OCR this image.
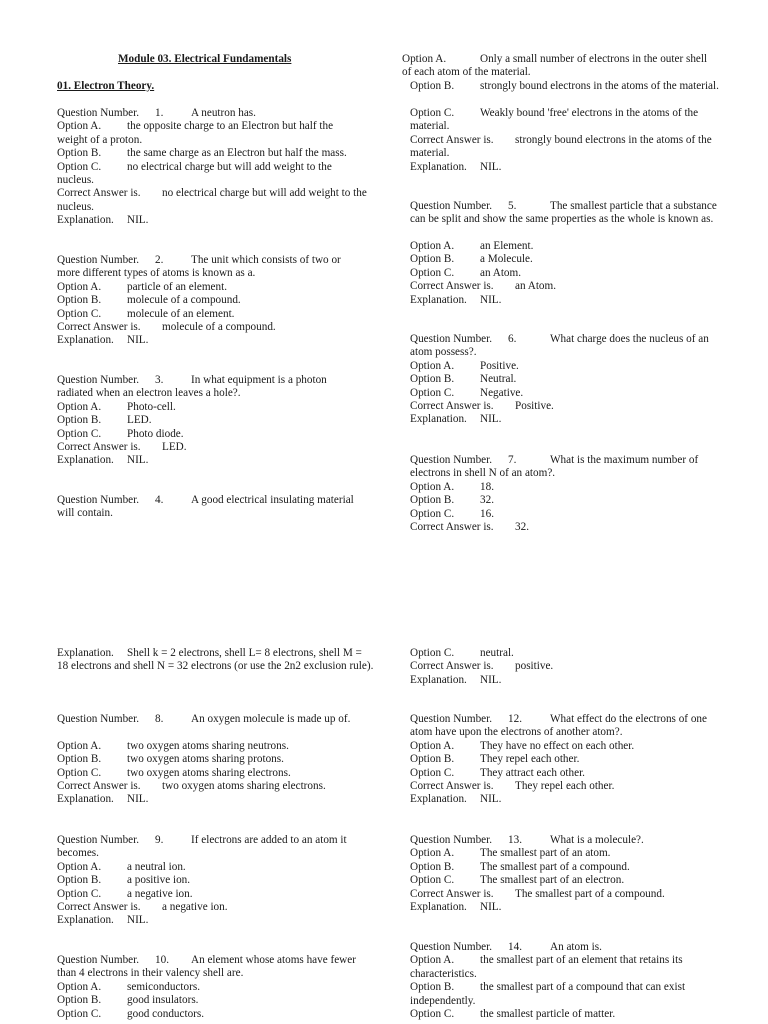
Module 03. Electrical Fundamentals
01. Electron Theory.
Question Number. 1. A neutron has.
Option A. the opposite charge to an Electron but half the
weight of a proton.
Option B. the same charge as an Electron but half the mass.
Option C. no electrical charge but will add weight to the
nucleus.
Correct Answer is. no electrical charge but will add weight to the
nucleus.
Explanation. NIL.
Question Number. 2. The unit which consists of two or
more different types of atoms is known as a.
Option A. particle of an element.
Option B. molecule of a compound.
Option C. molecule of an element.
Correct Answer is. molecule of a compound.
Explanation. NIL.
Question Number. 3. In what equipment is a photon
radiated when an electron leaves a hole?.
Option A. Photo-cell.
Option B. LED.
Option C. Photo diode.
Correct Answer is. LED.
Explanation. NIL.
Question Number. 4. A good electrical insulating material
will contain.
Explanation. Shell k = 2 electrons, shell L= 8 electrons, shell M =
18 electrons and shell N = 32 electrons (or use the 2n2 exclusion rule).
Question Number. 8. An oxygen molecule is made up of.
Option A. two oxygen atoms sharing neutrons.
Option B. two oxygen atoms sharing protons.
Option C. two oxygen atoms sharing electrons.
Correct Answer is. two oxygen atoms sharing electrons.
Explanation. NIL.
Question Number. 9. If electrons are added to an atom it
becomes.
Option A. a neutral ion.
Option B. a positive ion.
Option C. a negative ion.
Correct Answer is. a negative ion.
Explanation. NIL.
Question Number. 10. An element whose atoms have fewer
than 4 electrons in their valency shell are.
Option A. semiconductors.
Option B. good insulators.
Option C. good conductors.
Option A.	Only a small number of electrons in the outer shell
of each atom of the material.
Option B. strongly bound electrons in the atoms of the material.
Option C. Weakly bound 'free' electrons in the atoms of the
material.
Correct Answer is. strongly bound electrons in the atoms of the
material.
Explanation. NIL.
Question Number. 5.	The smallest particle that a substance
can be split and show the same properties as the whole is known as.
Option A. an Element.
Option B. a Molecule.
Option C. an Atom.
Correct Answer is. an Atom.
Explanation. NIL.
Question Number. 6.	What charge does the nucleus of an
atom possess?.
Option A. Positive.
Option B. Neutral.
Option C. Negative.
Correct Answer is. Positive.
Explanation. NIL.
Question Number. 7.	What is the maximum number of
electrons in shell N of an atom?.
Option A. 18.
Option B. 32.
Option C. 16.
Correct Answer is. 32.
Option C. neutral.
Correct Answer is. positive.
Explanation. NIL.
Question Number. 12.	What effect do the electrons of one
atom have upon the electrons of another atom?.
Option A. They have no effect on each other.
Option B. They repel each other.
Option C. They attract each other.
Correct Answer is. They repel each other.
Explanation. NIL.
Question Number. 13.	What is a molecule?.
Option A. The smallest part of an atom.
Option B. The smallest part of a compound.
Option C. The smallest part of an electron.
Correct Answer is. The smallest part of a compound.
Explanation. NIL.
Question Number. 14.	An atom is.
Option A. the smallest part of an element that retains its
characteristics.
Option B. the smallest part of a compound that can exist
independently.
Option C. the smallest particle of matter.
